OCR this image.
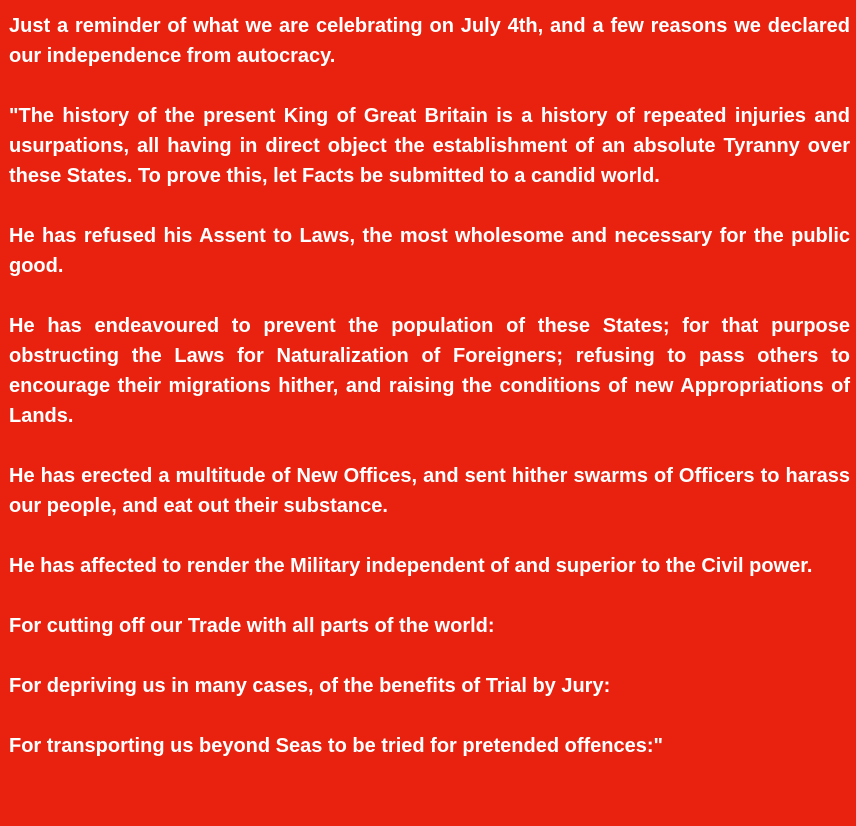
Just a reminder of what we are celebrating on July 4th, and a few reasons we declared our independence from autocracy.

"The history of the present King of Great Britain is a history of repeated injuries and usurpations, all having in direct object the establishment of an absolute Tyranny over these States. To prove this, let Facts be submitted to a candid world.

He has refused his Assent to Laws, the most wholesome and necessary for the public good.

He has endeavoured to prevent the population of these States; for that purpose obstructing the Laws for Naturalization of Foreigners; refusing to pass others to encourage their migrations hither, and raising the conditions of new Appropriations of Lands.

He has erected a multitude of New Offices, and sent hither swarms of Officers to harass our people, and eat out their substance.

He has affected to render the Military independent of and superior to the Civil power.

For cutting off our Trade with all parts of the world:

For depriving us in many cases, of the benefits of Trial by Jury:

For transporting us beyond Seas to be tried for pretended offences:"
